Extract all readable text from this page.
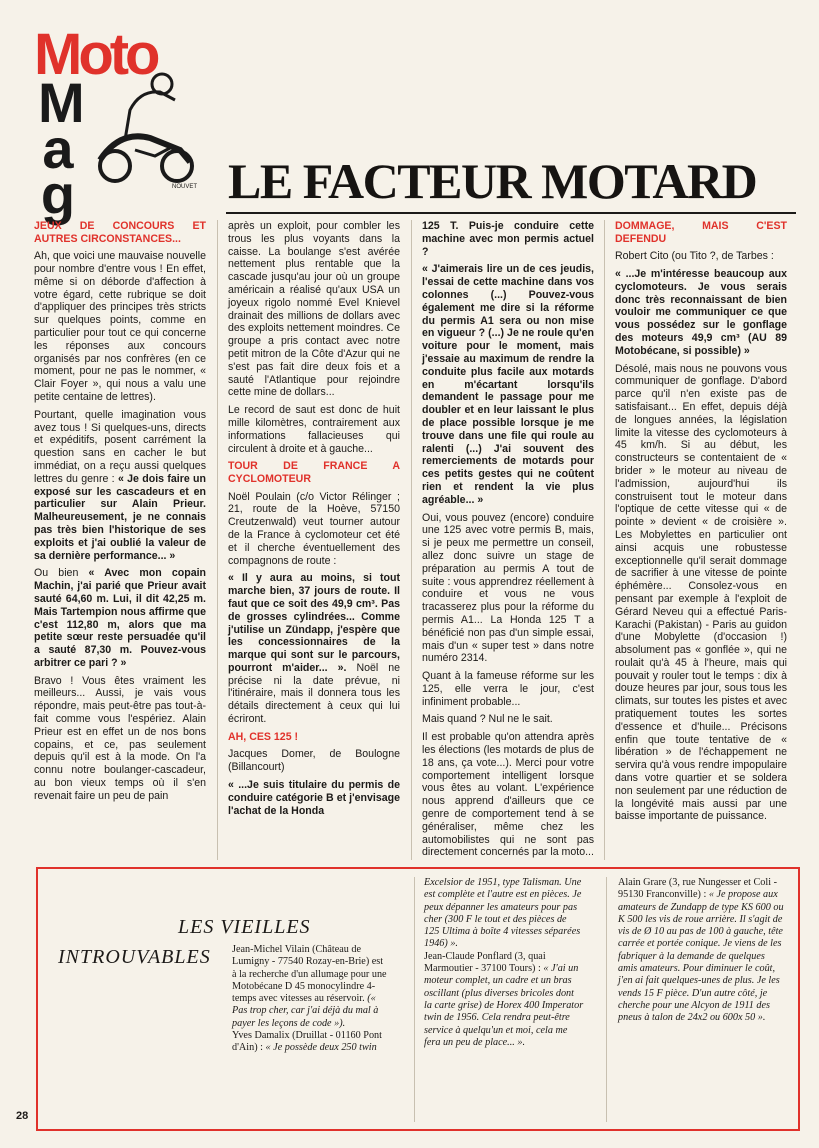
Moto
M
a
g	NOUVET LE FACTEUR MOTARD

JEUX DE CONCOURS ET AUTRES CIRCONSTANCES...

Ah, que voici une mauvaise nouvelle pour nombre d'entre vous ! En effet, même si on déborde d'affection à votre égard, cette rubrique se doit d'appliquer des principes très stricts sur quelques points, comme en particulier pour tout ce qui concerne les réponses aux concours organisés par nos confrères (en ce moment, pour ne pas le nommer, « Clair Foyer », qui nous a valu une petite centaine de lettres).

Pourtant, quelle imagination vous avez tous ! Si quelques-uns, directs et expéditifs, posent carrément la question sans en cacher le but immédiat, on a reçu aussi quelques lettres du genre : « Je dois faire un exposé sur les cascadeurs et en particulier sur Alain Prieur. Malheureusement, je ne connais pas très bien l'historique de ses exploits et j'ai oublié la valeur de sa dernière performance... »

Ou bien « Avec mon copain Machin, j'ai parié que Prieur avait sauté 64,60 m. Lui, il dit 42,25 m. Mais Tartempion nous affirme que c'est 112,80 m, alors que ma petite sœur reste persuadée qu'il a sauté 87,30 m. Pouvez-vous arbitrer ce pari ? »

Bravo ! Vous êtes vraiment les meilleurs... Aussi, je vais vous répondre, mais peut-être pas tout-à-fait comme vous l'espériez. Alain Prieur est en effet un de nos bons copains, et ce, pas seulement depuis qu'il est à la mode. On l'a connu notre boulanger-cascadeur, au bon vieux temps où il s'en revenait faire un peu de pain

après un exploit, pour combler les trous les plus voyants dans la caisse. La boulange s'est avérée nettement plus rentable que la cascade jusqu'au jour où un groupe américain a réalisé qu'aux USA un joyeux rigolo nommé Evel Knievel drainait des millions de dollars avec des exploits nettement moindres. Ce groupe a pris contact avec notre petit mitron de la Côte d'Azur qui ne s'est pas fait dire deux fois et a sauté l'Atlantique pour rejoindre cette mine de dollars...

Le record de saut est donc de huit mille kilomètres, contrairement aux informations fallacieuses qui circulent à droite et à gauche...

TOUR DE FRANCE A CYCLOMOTEUR

Noël Poulain (c/o Victor Rélinger ; 21, route de la Hoève, 57150 Creutzenwald) veut tourner autour de la France à cyclomoteur cet été et il cherche éventuellement des compagnons de route :

« Il y aura au moins, si tout marche bien, 37 jours de route. Il faut que ce soit des 49,9 cm³. Pas de grosses cylindrées... Comme j'utilise un Zündapp, j'espère que les concessionnaires de la marque qui sont sur le parcours, pourront m'aider... ». Noël ne précise ni la date prévue, ni l'itinéraire, mais il donnera tous les détails directement à ceux qui lui écriront.

AH, CES 125 !

Jacques Domer, de Boulogne (Billancourt)

« ...Je suis titulaire du permis de conduire catégorie B et j'envisage l'achat de la Honda

125 T. Puis-je conduire cette machine avec mon permis actuel ?

« J'aimerais lire un de ces jeudis, l'essai de cette machine dans vos colonnes (...) Pouvez-vous également me dire si la réforme du permis A1 sera ou non mise en vigueur ? (...) Je ne roule qu'en voiture pour le moment, mais j'essaie au maximum de rendre la conduite plus facile aux motards en m'écartant lorsqu'ils demandent le passage pour me doubler et en leur laissant le plus de place possible lorsque je me trouve dans une file qui roule au ralenti (...) J'ai souvent des remerciements de motards pour ces petits gestes qui ne coûtent rien et rendent la vie plus agréable... »

Oui, vous pouvez (encore) conduire une 125 avec votre permis B, mais, si je peux me permettre un conseil, allez donc suivre un stage de préparation au permis A tout de suite : vous apprendrez réellement à conduire et vous ne vous tracasserez plus pour la réforme du permis A1... La Honda 125 T a bénéficié non pas d'un simple essai, mais d'un « super test » dans notre numéro 2314.

Quant à la fameuse réforme sur les 125, elle verra le jour, c'est infiniment probable...

Mais quand ? Nul ne le sait.

Il est probable qu'on attendra après les élections (les motards de plus de 18 ans, ça vote...). Merci pour votre comportement intelligent lorsque vous êtes au volant. L'expérience nous apprend d'ailleurs que ce genre de comportement tend à se généraliser, même chez les automobilistes qui ne sont pas directement concernés par la moto...

DOMMAGE, MAIS C'EST DEFENDU

Robert Cito (ou Tito ?, de Tarbes :

« ...Je m'intéresse beaucoup aux cyclomoteurs. Je vous serais donc très reconnaissant de bien vouloir me communiquer ce que vous possédez sur le gonflage des moteurs 49,9 cm³ (AU 89 Motobécane, si possible) »

Désolé, mais nous ne pouvons vous communiquer de gonflage. D'abord parce qu'il n'en existe pas de satisfaisant... En effet, depuis déjà de longues années, la législation limite la vitesse des cyclomoteurs à 45 km/h. Si au début, les constructeurs se contentaient de « brider » le moteur au niveau de l'admission, aujourd'hui ils construisent tout le moteur dans l'optique de cette vitesse qui « de pointe » devient « de croisière ». Les Mobylettes en particulier ont ainsi acquis une robustesse exceptionnelle qu'il serait dommage de sacrifier à une vitesse de pointe éphémère... Consolez-vous en pensant par exemple à l'exploit de Gérard Neveu qui a effectué Paris-Karachi (Pakistan) - Paris au guidon d'une Mobylette (d'occasion !) absolument pas « gonflée », qui ne roulait qu'à 45 à l'heure, mais qui pouvait y rouler tout le temps : dix à douze heures par jour, sous tous les climats, sur toutes les pistes et avec pratiquement toutes les sortes d'essence et d'huile... Précisons enfin que toute tentative de « libération » de l'échappement ne servira qu'à vous rendre impopulaire dans votre quartier et se soldera non seulement par une réduction de la longévité mais aussi par une baisse importante de puissance.

LES VIEILLES
INTROUVABLES Jean-Michel Vilain (Château de Lumigny - 77540 Rozay-en-Brie) est à la recherche d'un allumage pour une Motobécane D 45 monocylindre 4-temps avec vitesses au réservoir. (« Pas trop cher, car j'ai déjà du mal à payer les leçons de code »).
Yves Damalix (Druillat - 01160 Pont d'Ain) : « Je possède deux 250 twin
Excelsior de 1951, type Talisman. Une est complète et l'autre est en pièces. Je peux dépanner les amateurs pour pas cher (300 F le tout et des pièces de 125 Ultima à boîte 4 vitesses séparées 1946) ».
Jean-Claude Ponflard (3, quai Marmoutier - 37100 Tours) : « J'ai un moteur complet, un cadre et un bras oscillant (plus diverses bricoles dont la carte grise) de Horex 400 Imperator twin de 1956. Cela rendra peut-être service à quelqu'un et moi, cela me fera un peu de place... ».
Alain Grare (3, rue Nungesser et Coli - 95130 Franconville) : « Je propose aux amateurs de Zundapp de type KS 600 ou K 500 les vis de roue arrière. Il s'agit de vis de Ø 10 au pas de 100 à gauche, tête carrée et portée conique. Je viens de les fabriquer à la demande de quelques amis amateurs. Pour diminuer le coût, j'en ai fait quelques-unes de plus. Je les vends 15 F pièce. D'un autre côté, je cherche pour une Alcyon de 1911 des pneus à talon de 24x2 ou 600x 50 ».
28
